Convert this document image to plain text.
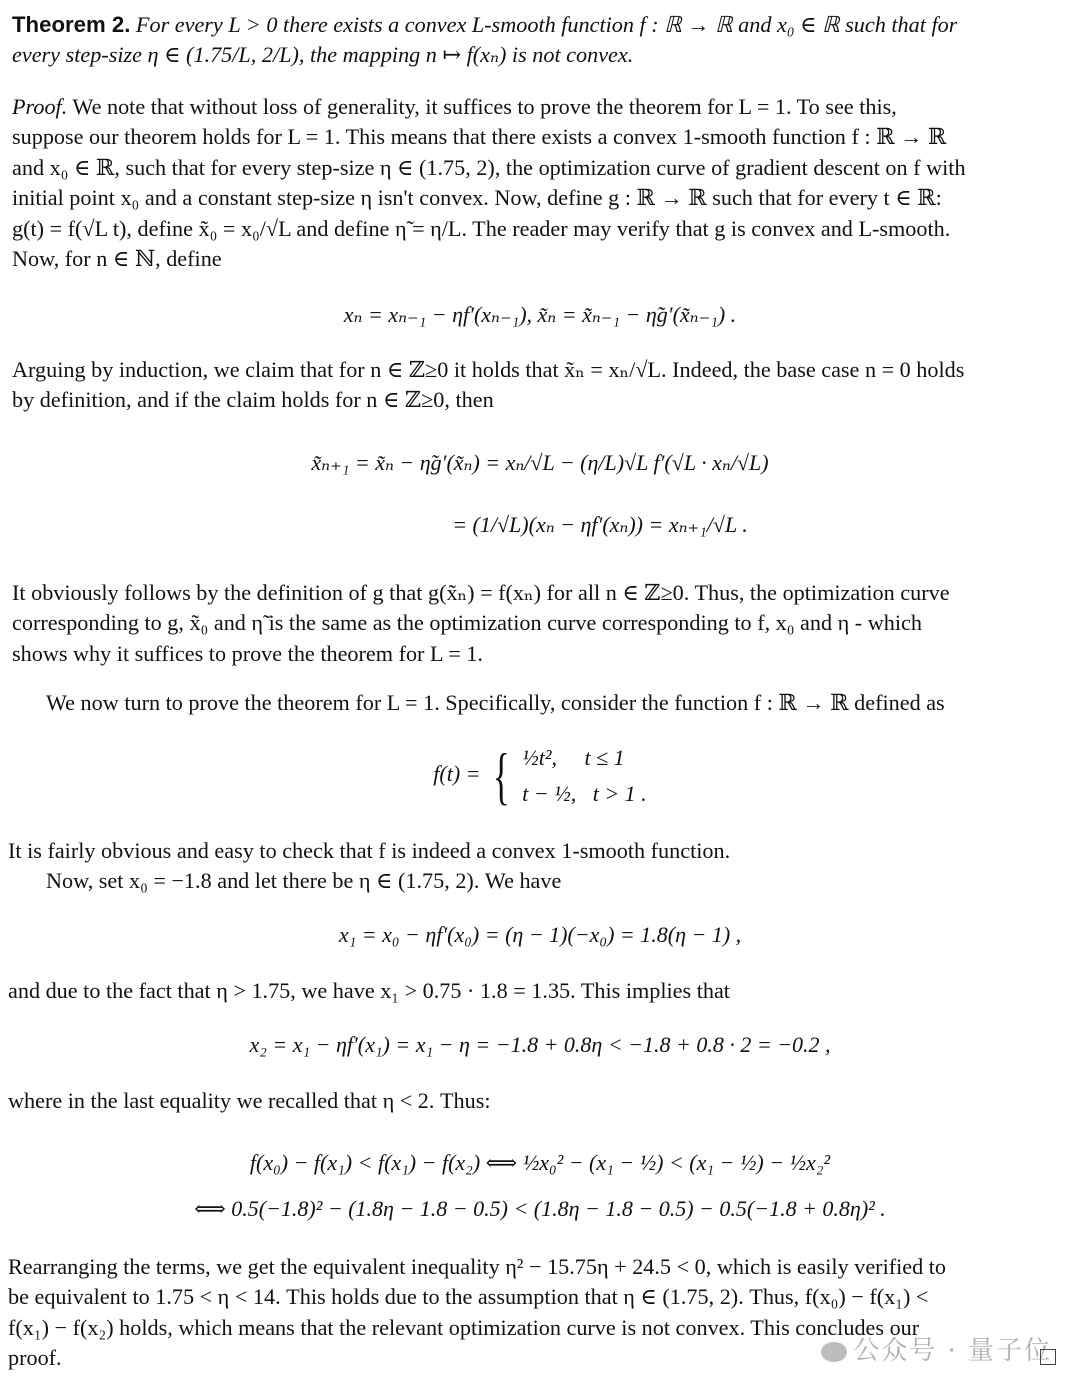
Theorem 2. For every L > 0 there exists a convex L-smooth function f : ℝ → ℝ and x₀ ∈ ℝ such that for
every step-size η ∈ (1.75/L, 2/L), the mapping n ↦ f(xₙ) is not convex.
Proof. We note that without loss of generality, it suffices to prove the theorem for L = 1. To see this,
suppose our theorem holds for L = 1. This means that there exists a convex 1-smooth function f : ℝ → ℝ
and x₀ ∈ ℝ, such that for every step-size η ∈ (1.75, 2), the optimization curve of gradient descent on f with
initial point x₀ and a constant step-size η isn't convex. Now, define g : ℝ → ℝ such that for every t ∈ ℝ:
g(t) = f(√L t), define x̃₀ = x₀/√L and define η̃ = η/L. The reader may verify that g is convex and L-smooth.
Now, for n ∈ ℕ, define
xₙ = xₙ₋₁ − ηf′(xₙ₋₁), x̃ₙ = x̃ₙ₋₁ − η̃g′(x̃ₙ₋₁) .
Arguing by induction, we claim that for n ∈ ℤ≥0 it holds that x̃ₙ = xₙ/√L. Indeed, the base case n = 0 holds
by definition, and if the claim holds for n ∈ ℤ≥0, then
x̃ₙ₊₁ = x̃ₙ − η̃g′(x̃ₙ) = xₙ/√L − (η/L)√L f′(√L · xₙ/√L)
= (1/√L)(xₙ − ηf′(xₙ)) = xₙ₊₁/√L .
It obviously follows by the definition of g that g(x̃ₙ) = f(xₙ) for all n ∈ ℤ≥0. Thus, the optimization curve
corresponding to g, x̃₀ and η̃ is the same as the optimization curve corresponding to f, x₀ and η - which
shows why it suffices to prove the theorem for L = 1.
We now turn to prove the theorem for L = 1. Specifically, consider the function f : ℝ → ℝ defined as
f(t) = { ½t², t ≤ 1
t − ½, t > 1 .
It is fairly obvious and easy to check that f is indeed a convex 1-smooth function.
Now, set x₀ = −1.8 and let there be η ∈ (1.75, 2). We have
x₁ = x₀ − ηf′(x₀) = (η − 1)(−x₀) = 1.8(η − 1) ,
and due to the fact that η > 1.75, we have x₁ > 0.75 · 1.8 = 1.35. This implies that
x₂ = x₁ − ηf′(x₁) = x₁ − η = −1.8 + 0.8η < −1.8 + 0.8 · 2 = −0.2 ,
where in the last equality we recalled that η < 2. Thus:
f(x₀) − f(x₁) < f(x₁) − f(x₂) ⟺ ½x₀² − (x₁ − ½) < (x₁ − ½) − ½x₂²
⟺ 0.5(−1.8)² − (1.8η − 1.8 − 0.5) < (1.8η − 1.8 − 0.5) − 0.5(−1.8 + 0.8η)² .
Rearranging the terms, we get the equivalent inequality η² − 15.75η + 24.5 < 0, which is easily verified to
be equivalent to 1.75 < η < 14. This holds due to the assumption that η ∈ (1.75, 2). Thus, f(x₀) − f(x₁) <
f(x₁) − f(x₂) holds, which means that the relevant optimization curve is not convex. This concludes our
proof.	公众号 · 量子位
